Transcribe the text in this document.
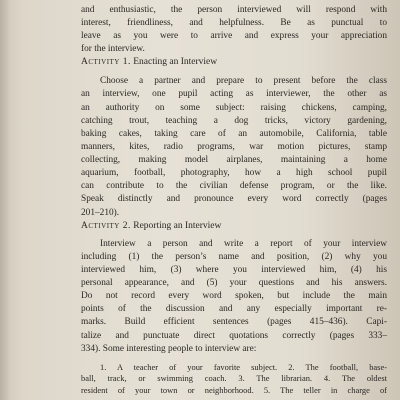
and enthusiastic, the person interviewed will respond with
interest, friendliness, and helpfulness. Be as punctual to
leave as you were to arrive and express your appreciation
for the interview.
Activity 1. Enacting an Interview
Choose a partner and prepare to present before the class
an interview, one pupil acting as interviewer, the other as
an authority on some subject: raising chickens, camping,
catching trout, teaching a dog tricks, victory gardening,
baking cakes, taking care of an automobile, California, table
manners, kites, radio programs, war motion pictures, stamp
collecting, making model airplanes, maintaining a home
aquarium, football, photography, how a high school pupil
can contribute to the civilian defense program, or the like.
Speak distinctly and pronounce every word correctly (pages
201–210).
Activity 2. Reporting an Interview
Interview a person and write a report of your interview
including (1) the person’s name and position, (2) why you
interviewed him, (3) where you interviewed him, (4) his
personal appearance, and (5) your questions and his answers.
Do not record every word spoken, but include the main
points of the discussion and any especially important re-
marks. Build efficient sentences (pages 415–436). Capi-
talize and punctuate direct quotations correctly (pages 333–
334). Some interesting people to interview are:
1. A teacher of your favorite subject. 2. The football, base-
ball, track, or swimming coach. 3. The librarian. 4. The oldest
resident of your town or neighborhood. 5. The teller in charge of
